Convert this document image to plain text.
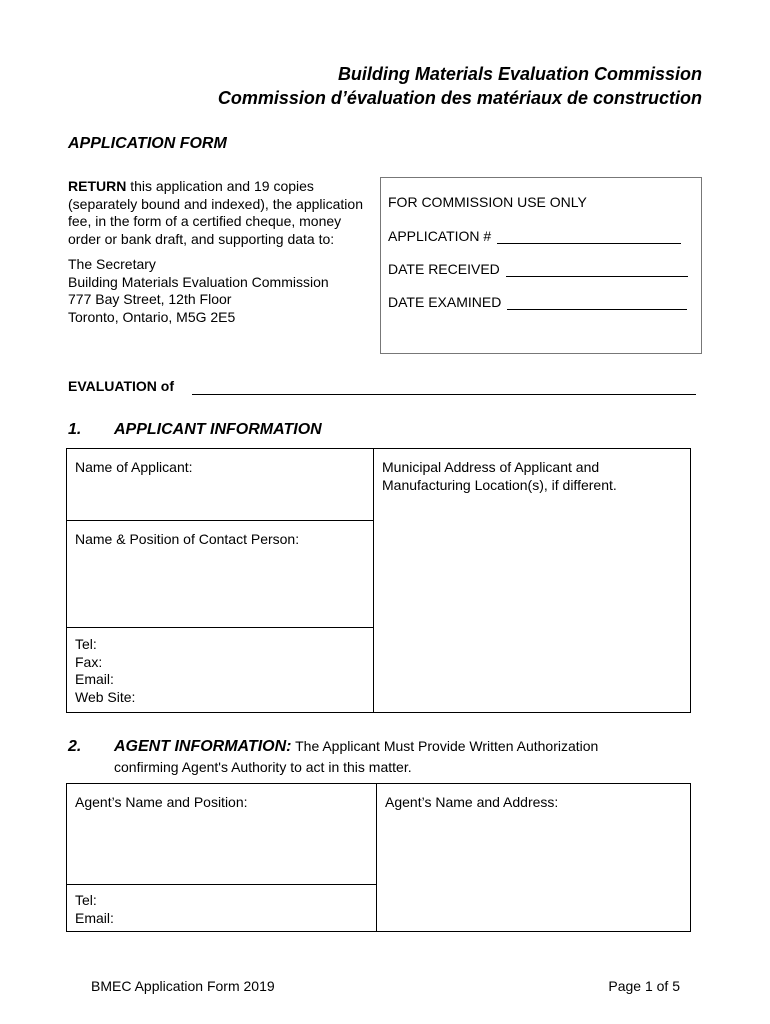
Building Materials Evaluation Commission
Commission d’évaluation des matériaux de construction
APPLICATION FORM

RETURN this application and 19 copies (separately bound and indexed), the application fee, in the form of a certified cheque, money order or bank draft, and supporting data to:

The Secretary

Building Materials Evaluation Commission

777 Bay Street, 12th Floor

Toronto, Ontario, M5G 2E5

FOR COMMISSION USE ONLY
APPLICATION #
DATE RECEIVED
DATE EXAMINED
EVALUATION of
1. APPLICANT INFORMATION
Name of Applicant:	Municipal Address of Applicant and Manufacturing Location(s), if different.
Name & Position of Contact Person:

Tel:
Fax:
Email:
Web Site:
2. AGENT INFORMATION: The Applicant Must Provide Written Authorization
confirming Agent's Authority to act in this matter.
Agent’s Name and Position:	Agent’s Name and Address:

Tel:
Email:
BMEC Application Form 2019	Page 1 of 5
